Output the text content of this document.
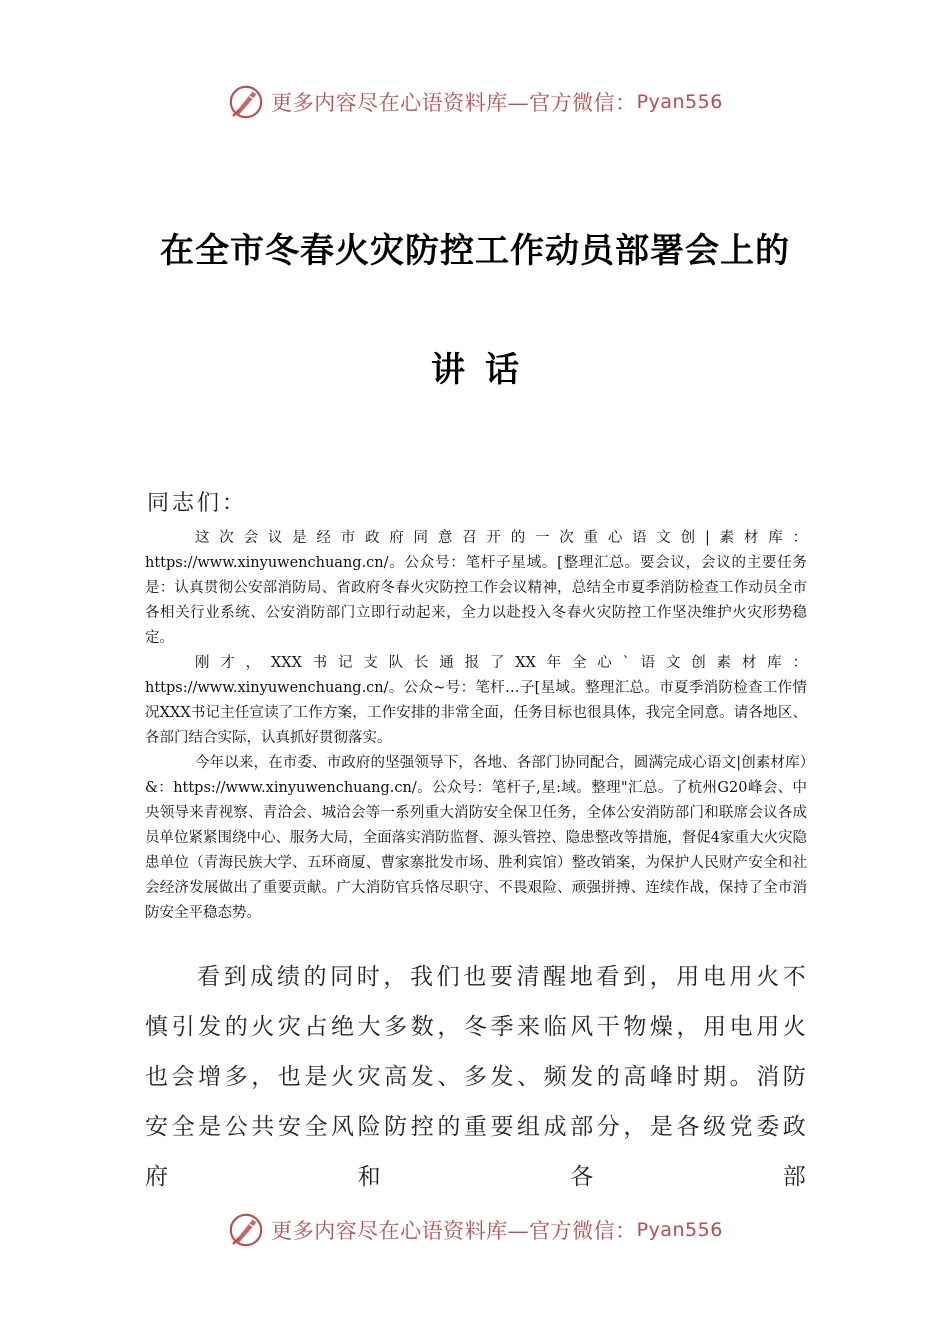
更多内容尽在心语资料库—官方微信： Pyan556
在全市冬春火灾防控工作动员部署会上的
讲话
同志们：

这次会议是经市政府同意召开的一次重心语文创|素材库：https://www.xinyuwenchuang.cn/。公众号：笔杆子星域。[整理汇总。要会议，会议的主要任务是：认真贯彻公安部消防局、省政府冬春火灾防控工作会议精神，总结全市夏季消防检查工作动员全市各相关行业系统、公安消防部门立即行动起来，全力以赴投入冬春火灾防控工作坚决维护火灾形势稳定。

刚才，XXX书记支队长通报了XX年全心`语文创素材库：https://www.xinyuwenchuang.cn/。公众~号：笔杆…子[星域。整理汇总。市夏季消防检查工作情况XXX书记主任宣读了工作方案，工作安排的非常全面，任务目标也很具体，我完全同意。请各地区、各部门结合实际，认真抓好贯彻落实。

今年以来，在市委、市政府的坚强领导下，各地、各部门协同配合，圆满完成心语文|创素材库）&：https://www.xinyuwenchuang.cn/。公众号：笔杆子,星:域。整理"汇总。了杭州G20峰会、中央领导来青视察、青洽会、城洽会等一系列重大消防安全保卫任务，全体公安消防部门和联席会议各成员单位紧紧围绕中心、服务大局，全面落实消防监督、源头管控、隐患整改等措施，督促4家重大火灾隐患单位（青海民族大学、五环商厦、曹家寨批发市场、胜利宾馆）整改销案，为保护人民财产安全和社会经济发展做出了重要贡献。广大消防官兵恪尽职守、不畏艰险、顽强拼搏、连续作战，保持了全市消防安全平稳态势。

看到成绩的同时，我们也要清醒地看到，用电用火不慎引发的火灾占绝大多数，冬季来临风干物燥，用电用火也会增多，也是火灾高发、多发、频发的高峰时期。消防安全是公共安全风险防控的重要组成部分，是各级党委政府和各部

更多内容尽在心语资料库—官方微信： Pyan556
